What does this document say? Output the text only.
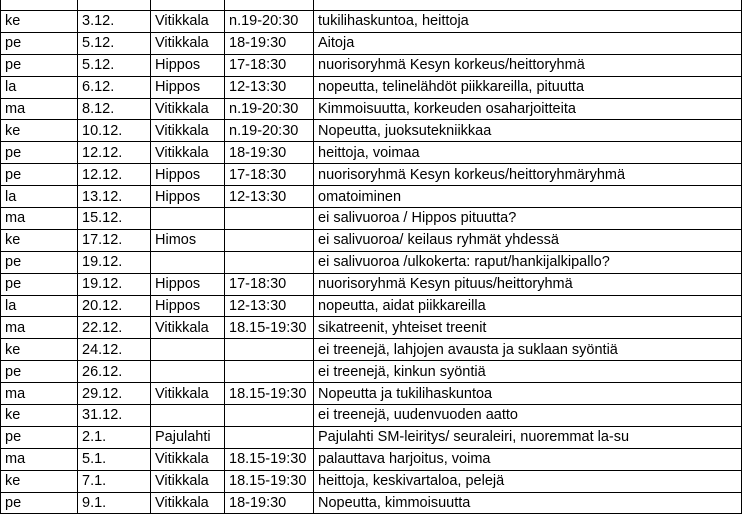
ke	3.12.	Vitikkala	n.19-20:30	tukilihaskuntoa, heittoja
pe	5.12.	Vitikkala	18-19:30	Aitoja
pe	5.12.	Hippos	17-18:30	nuorisoryhmä Kesyn korkeus/heittoryhmä
la	6.12.	Hippos	12-13:30	nopeutta, telinelähdöt piikkareilla, pituutta
ma	8.12.	Vitikkala	n.19-20:30	Kimmoisuutta, korkeuden osaharjoitteita
ke	10.12.	Vitikkala	n.19-20:30	Nopeutta, juoksutekniikkaa
pe	12.12.	Vitikkala	18-19:30	heittoja, voimaa
pe	12.12.	Hippos	17-18:30	nuorisoryhmä Kesyn korkeus/heittoryhmäryhmä
la	13.12.	Hippos	12-13:30	omatoiminen
ma	15.12.			ei salivuoroa / Hippos pituutta?
ke	17.12.	Himos		ei salivuoroa/ keilaus ryhmät yhdessä
pe	19.12.			ei salivuoroa /ulkokerta: raput/hankijalkipallo?
pe	19.12.	Hippos	17-18:30	nuorisoryhmä Kesyn pituus/heittoryhmä
la	20.12.	Hippos	12-13:30	nopeutta, aidat piikkareilla
ma	22.12.	Vitikkala	18.15-19:30	sikatreenit, yhteiset treenit
ke	24.12.			ei treenejä, lahjojen avausta ja suklaan syöntiä
pe	26.12.			ei treenejä, kinkun syöntiä
ma	29.12.	Vitikkala	18.15-19:30	Nopeutta ja tukilihaskuntoa
ke	31.12.			ei treenejä, uudenvuoden aatto
pe	2.1.	Pajulahti		Pajulahti SM-leiritys/ seuraleiri, nuoremmat la-su
ma	5.1.	Vitikkala	18.15-19:30	palauttava harjoitus, voima
ke	7.1.	Vitikkala	18.15-19:30	heittoja, keskivartaloa, pelejä
pe	9.1.	Vitikkala	18-19:30	Nopeutta, kimmoisuutta
